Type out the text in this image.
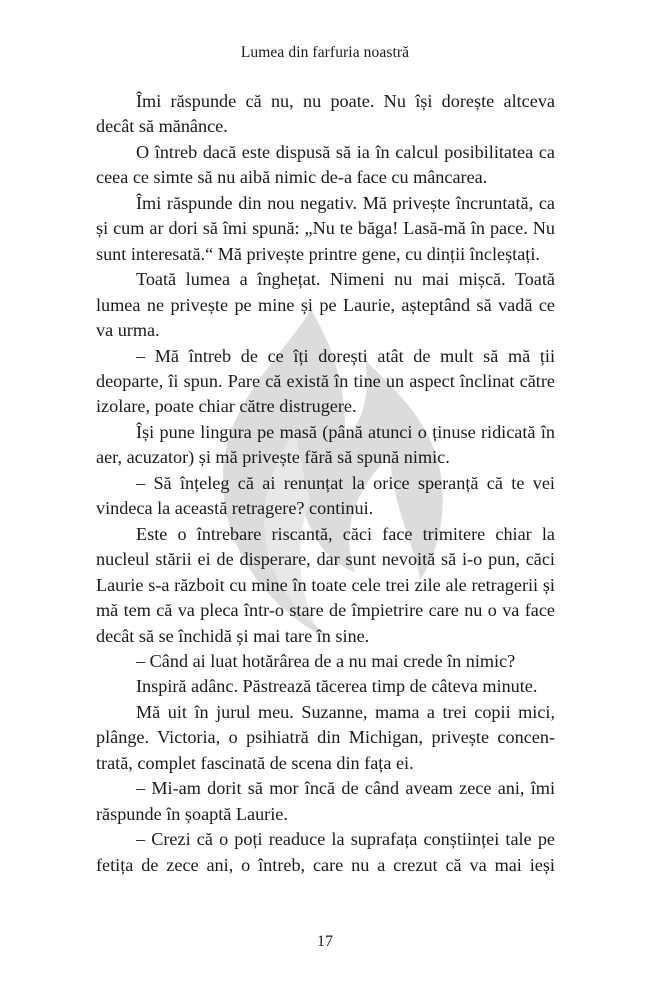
Lumea din farfuria noastră

Îmi răspunde că nu, nu poate. Nu își dorește altceva decât să mănânce.

O întreb dacă este dispusă să ia în calcul posibilitatea ca ceea ce simte să nu aibă nimic de-a face cu mâncarea.

Îmi răspunde din nou negativ. Mă privește încruntată, ca și cum ar dori să îmi spună: „Nu te băga! Lasă-mă în pace. Nu sunt interesată.“ Mă privește printre gene, cu dinții încleștați.

Toată lumea a înghețat. Nimeni nu mai mișcă. Toată lumea ne privește pe mine și pe Laurie, așteptând să vadă ce va urma.

– Mă întreb de ce îți dorești atât de mult să mă ții deoparte, îi spun. Pare că există în tine un aspect înclinat către izolare, poate chiar către distrugere.

Își pune lingura pe masă (până atunci o ținuse ridicată în aer, acuzator) și mă privește fără să spună nimic.

– Să înțeleg că ai renunțat la orice speranță că te vei vindeca la această retragere? continui.

Este o întrebare riscantă, căci face trimitere chiar la nucleul stării ei de disperare, dar sunt nevoită să i-o pun, căci Laurie s-a războit cu mine în toate cele trei zile ale retragerii și mă tem că va pleca într-o stare de împietrire care nu o va face decât să se închidă și mai tare în sine.

– Când ai luat hotărârea de a nu mai crede în nimic?

Inspiră adânc. Păstrează tăcerea timp de câteva minute.

Mă uit în jurul meu. Suzanne, mama a trei copii mici, plânge. Victoria, o psihiatră din Michigan, privește concentrată, complet fascinată de scena din fața ei.

– Mi-am dorit să mor încă de când aveam zece ani, îmi răspunde în șoaptă Laurie.

– Crezi că o poți readuce la suprafața conștiinței tale pe fetița de zece ani, o întreb, care nu a crezut că va mai ieși

17
